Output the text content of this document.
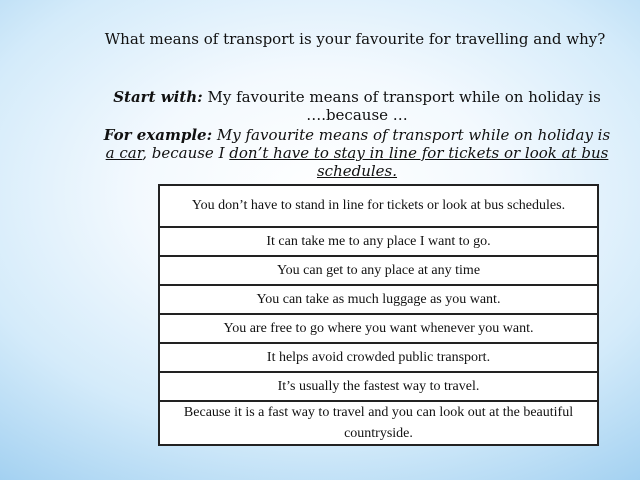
What means of transport is your favourite for travelling and why?
Start with: My favourite means of transport while on holiday is ….because …
For example: My favourite means of transport while on holiday is a car, because I don’t have to stay in line for tickets or look at bus schedules.
You don’t have to stand in line for tickets or look at bus schedules.
It can take me to any place I want to go.
You can get to any place at any time
You can take as much luggage as you want.
You are free to go where you want whenever you want.
It helps avoid crowded public transport.
It’s usually the fastest way to travel.
Because it is a fast way to travel and you can look out at the beautiful countryside.
